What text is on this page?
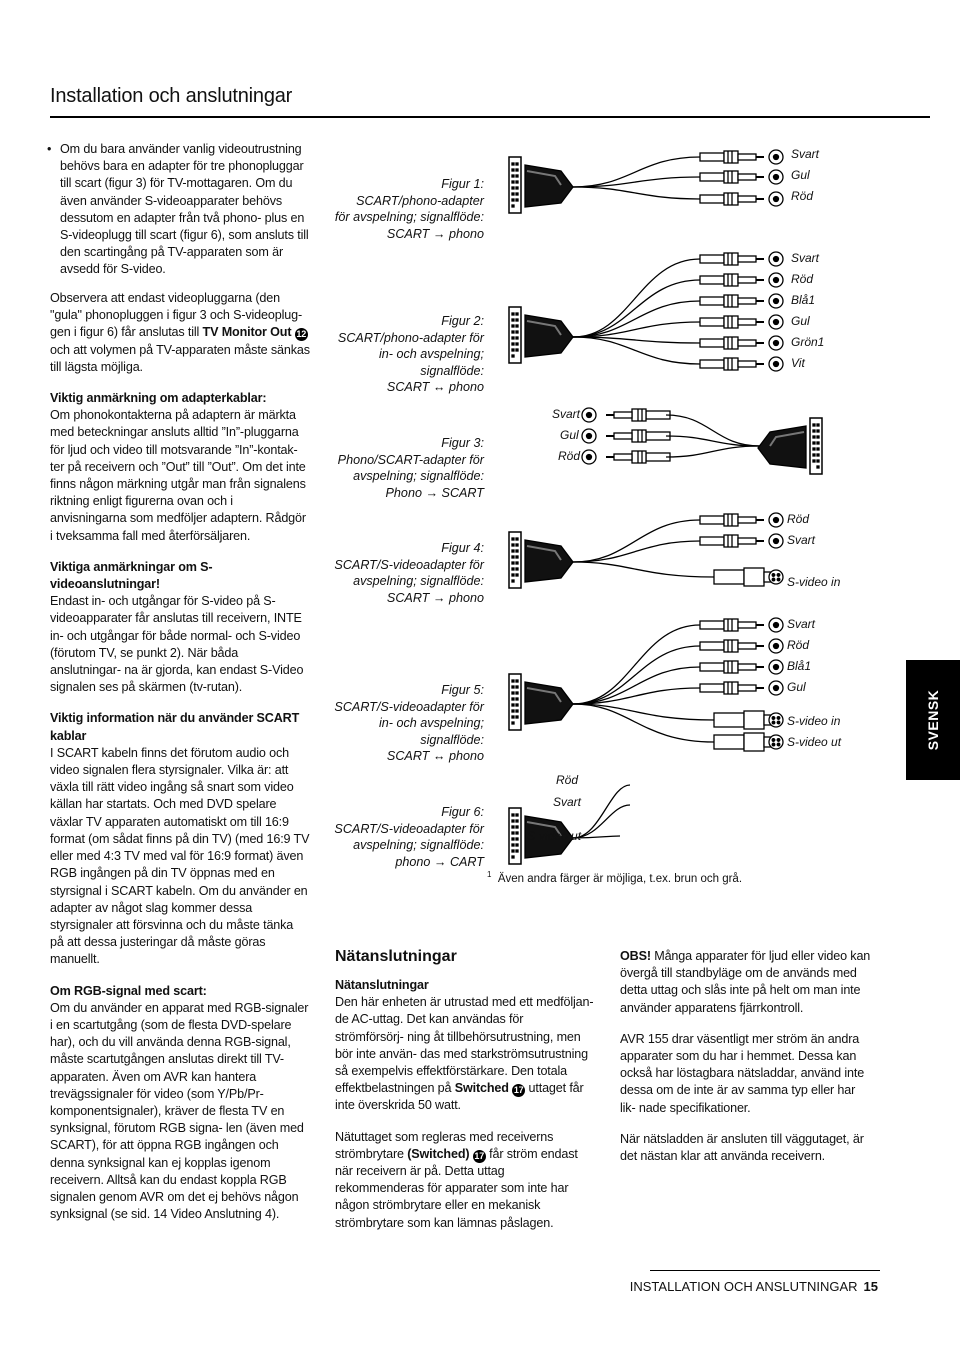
Installation och anslutningar

• Om du bara använder vanlig videoutrustning behövs bara en adapter för tre phonopluggar till scart (figur 3) för TV-mottagaren. Om du även använder S-videoapparater behövs dessutom en adapter från två phono- plus en S-videoplugg till scart (figur 6), som ansluts till den scartingång på TV-apparaten som är avsedd för S-video.

Observera att endast videopluggarna (den "gula" phonopluggen i figur 3 och S-videoplug- gen i figur 6) får anslutas till TV Monitor Out 12 och att volymen på TV-apparaten måste sänkas till lägsta möjliga.

Viktig anmärkning om adapterkablar:

Om phonokontakterna på adaptern är märkta med beteckningar ansluts alltid ”In”-pluggarna för ljud och video till motsvarande ”In”-kontak- ter på receivern och ”Out” till ”Out”. Om det inte finns någon märkning utgår man från signalens riktning enligt figurerna ovan och i anvisningarna som medföljer adaptern. Rådgör i tveksamma fall med återförsäljaren.

Viktiga anmärkningar om S-videoanslutningar!

Endast in- och utgångar för S-video på S-videoapparater får anslutas till receivern, INTE in- och utgångar för både normal- och S-video (förutom TV, se punkt 2). När båda anslutningar- na är gjorda, kan endast S-Video signalen ses på skärmen (tv-rutan).

Viktig information när du använder SCART kablar

I SCART kabeln finns det förutom audio och video signalen flera styrsignaler. Vilka är: att växla till rätt video ingång så snart som video källan har startats. Och med DVD spelare växlar TV apparaten automatiskt om till 16:9 format (om sådat finns på din TV) (med 16:9 TV eller med 4:3 TV med val för 16:9 format) även RGB ingången på din TV öppnas med en styrsignal i SCART kabeln. Om du använder en adapter av något slag kommer dessa styrsignaler att försvinna och du måste tänka på att dessa justeringar då måste göras manuellt.

Om RGB-signal med scart:

Om du använder en apparat med RGB-signaler i en scartutgång (som de flesta DVD-spelare har), och du vill använda denna RGB-signal, måste scartutgången anslutas direkt till TV-apparaten. Även om AVR kan hantera trevägssignaler för video (som Y/Pb/Pr-komponentsignaler), kräver de flesta TV en synksignal, förutom RGB signa- len (även med SCART), för att öppna RGB ingången och denna synksignal kan ej kopplas igenom receivern. Alltså kan du endast koppla RGB signalen genom AVR om det ej behövs någon synksignal (se sid. 14 Video Anslutning 4).

Figur 1:
SCART/phono-adapter
för avspelning; signalflöde:
SCART → phono
Figur 2:
SCART/phono-adapter för
in- och avspelning;
signalflöde:
SCART ↔ phono
Figur 3:
Phono/SCART-adapter för
avspelning; signalflöde:
Phono → SCART
Figur 4:
SCART/S-videoadapter för
avspelning; signalflöde:
SCART → phono
Figur 5:
SCART/S-videoadapter för
in- och avspelning;
signalflöde:
SCART ↔ phono
Figur 6:
SCART/S-videoadapter för
avspelning; signalflöde:
phono → CART
Svart
Gul
Röd
Svart
Röd
Blå1
Gul
Grön1
Vit
Svart
Gul
Röd
Röd
Svart
S-video in
Svart
Röd
Blå1
Gul
S-video in
S-video ut
Röd
Svart
S-video ut
$^1$ Även andra färger är möjliga, t.ex. brun och grå.
Nätanslutningar
Nätanslutningar

Den här enheten är utrustad med ett medföljan- de AC-uttag. Det kan användas för strömförsörj- ning åt tillbehörsutrustning, men bör inte använ- das med starkströmsutrustning så exempelvis effektförstärkare. Den totala effektbelastningen på Switched 17 uttaget får inte överskrida 50 watt.

Nätuttaget som regleras med receiverns strömbrytare (Switched) 17 får ström endast när receivern är på. Detta uttag rekommenderas för apparater som inte har någon strömbrytare eller en mekanisk strömbrytare som kan lämnas påslagen.

OBS! Många apparater för ljud eller video kan övergå till standbyläge om de används med detta uttag och slås inte på helt om man inte använder apparatens fjärrkontroll.

AVR 155 drar väsentligt mer ström än andra apparater som du har i hemmet. Dessa kan också har löstagbara nätsladdar, använd inte dessa om de inte är av samma typ eller har lik- nade specifikationer.

När nätsladden är ansluten till väggutaget, är det nästan klar att använda receivern.

SVENSK
INSTALLATION OCH ANSLUTNINGAR 15
